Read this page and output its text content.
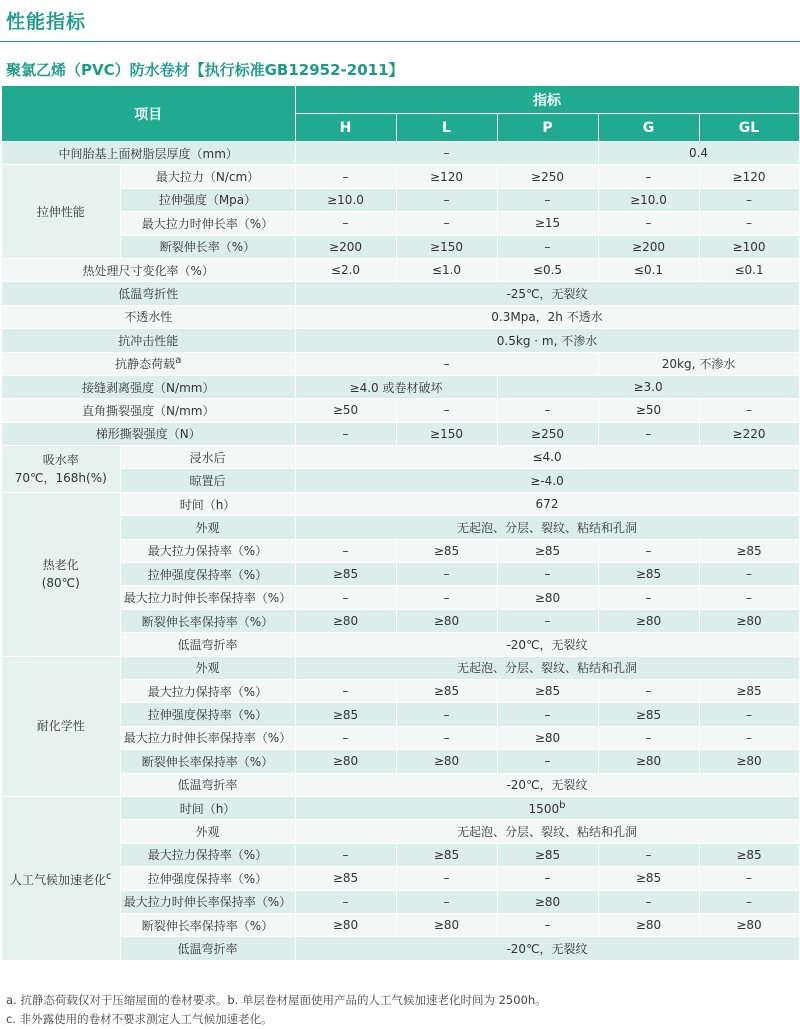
性能指标
聚氯乙烯（PVC）防水卷材【执行标准GB12952-2011】
项目		指标				
		H	L	P	G	GL
中间胎基上面树脂层厚度（mm）		–			0.4	
拉伸性能	最大拉力（N/cm）	–	≥120	≥250	–	≥120
	拉伸强度（Mpa）	≥10.0	–	–	≥10.0	–
	最大拉力时伸长率（%）	–	–	≥15	–	–
	断裂伸长率（%）	≥200	≥150	–	≥200	≥100
热处理尺寸变化率（%）		≤2.0	≤1.0	≤0.5	≤0.1	≤0.1
低温弯折性		-25℃，无裂纹				
不透水性		0.3Mpa，2h 不透水				
抗冲击性能		0.5kg · m, 不渗水				
抗静态荷载$^a$		–			20kg, 不渗水	
接缝剥离强度（N/mm）		≥4.0 或卷材破坏		≥3.0		
直角撕裂强度（N/mm）		≥50	–	–	≥50	–
梯形撕裂强度（N）		–	≥150	≥250	–	≥220
吸水率
70℃，168h(%)	浸水后	≤4.0				
	晾置后	≥-4.0				
热老化
(80℃)	时间（h）	672				
	外观	无起泡、分层、裂纹、粘结和孔洞				
	最大拉力保持率（%）	–	≥85	≥85	–	≥85
	拉伸强度保持率（%）	≥85	–	–	≥85	–
	最大拉力时伸长率保持率（%）	–	–	≥80	–	–
	断裂伸长率保持率（%）	≥80	≥80	–	≥80	≥80
	低温弯折率	-20℃，无裂纹				
耐化学性	外观	无起泡、分层、裂纹、粘结和孔洞				
	最大拉力保持率（%）	–	≥85	≥85	–	≥85
	拉伸强度保持率（%）	≥85	–	–	≥85	–
	最大拉力时伸长率保持率（%）	–	–	≥80	–	–
	断裂伸长率保持率（%）	≥80	≥80	–	≥80	≥80
	低温弯折率	-20℃，无裂纹				
人工气候加速老化$^c$	时间（h）	1500$^b$
	外观	无起泡、分层、裂纹、粘结和孔洞				
	最大拉力保持率（%）	–	≥85	≥85	–	≥85
	拉伸强度保持率（%）	≥85	–	–	≥85	–
	最大拉力时伸长率保持率（%）	–	–	≥80	–	–
	断裂伸长率保持率（%）	≥80	≥80	–	≥80	≥80
	低温弯折率	-20℃，无裂纹				
a. 抗静态荷载仅对于压缩屋面的卷材要求。b. 单层卷材屋面使用产品的人工气候加速老化时间为 2500h。
c. 非外露使用的卷材不要求测定人工气候加速老化。
